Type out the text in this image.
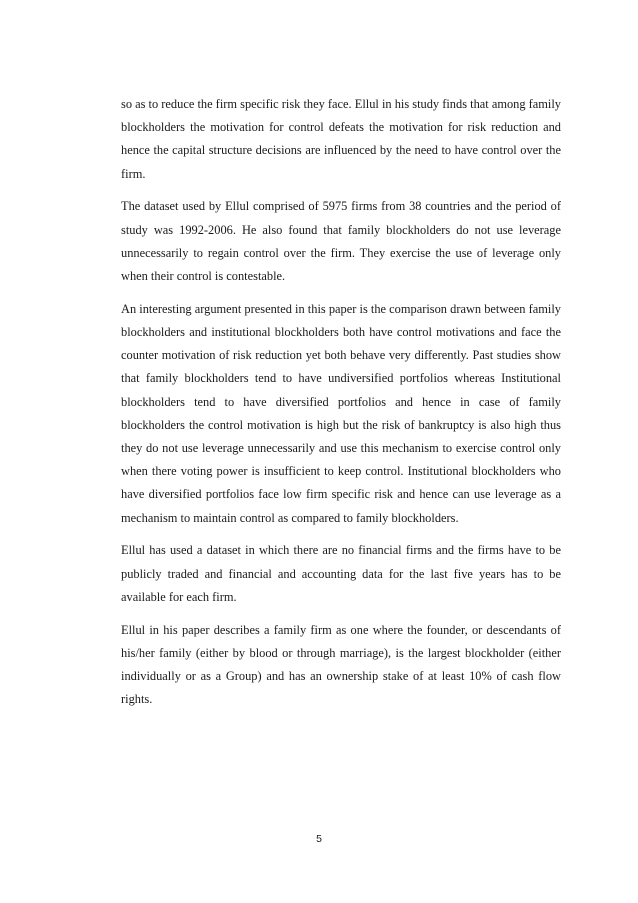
so as to reduce the firm specific risk they face. Ellul in his study finds that among family blockholders the motivation for control defeats the motivation for risk reduction and hence the capital structure decisions are influenced by the need to have control over the firm.

The dataset used by Ellul comprised of 5975 firms from 38 countries and the period of study was 1992-2006. He also found that family blockholders do not use leverage unnecessarily to regain control over the firm. They exercise the use of leverage only when their control is contestable.

An interesting argument presented in this paper is the comparison drawn between family blockholders and institutional blockholders both have control motivations and face the counter motivation of risk reduction yet both behave very differently. Past studies show that family blockholders tend to have undiversified portfolios whereas Institutional blockholders tend to have diversified portfolios and hence in case of family blockholders the control motivation is high but the risk of bankruptcy is also high thus they do not use leverage unnecessarily and use this mechanism to exercise control only when there voting power is insufficient to keep control. Institutional blockholders who have diversified portfolios face low firm specific risk and hence can use leverage as a mechanism to maintain control as compared to family blockholders.

Ellul has used a dataset in which there are no financial firms and the firms have to be publicly traded and financial and accounting data for the last five years has to be available for each firm.

Ellul in his paper describes a family firm as one where the founder, or descendants of his/her family (either by blood or through marriage), is the largest blockholder (either individually or as a Group) and has an ownership stake of at least 10% of cash flow rights.

5
